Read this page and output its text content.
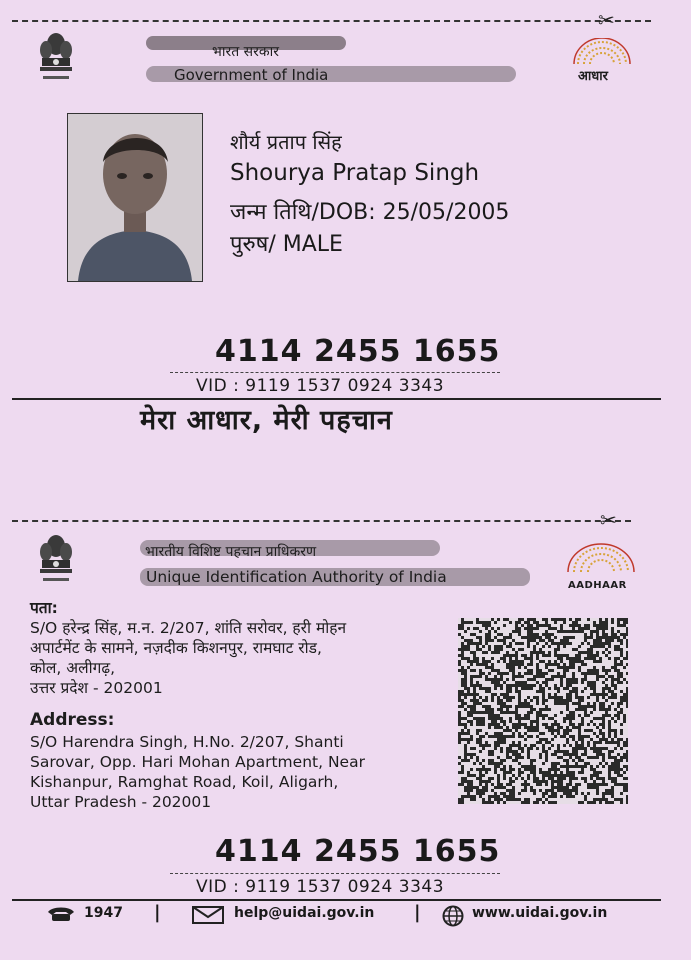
✂
भारत सरकार
Government of India	आधार
शौर्य प्रताप सिंह
Shourya Pratap Singh
जन्म तिथि/DOB: 25/05/2005
पुरुष/ MALE
4114 2455 1655
VID : 9119 1537 0924 3343
मेरा आधार, मेरी पहचान
✂
भारतीय विशिष्ट पहचान प्राधिकरण
Unique Identification Authority of India	AADHAAR
पता:
S/O हरेन्द्र सिंह, म.न. 2/207, शांति सरोवर, हरी मोहन
अपार्टमेंट के सामने, नज़दीक किशनपुर, रामघाट रोड,
कोल, अलीगढ़,
उत्तर प्रदेश - 202001
Address:
S/O Harendra Singh, H.No. 2/207, Shanti
Sarovar, Opp. Hari Mohan Apartment, Near
Kishanpur, Ramghat Road, Koil, Aligarh,
Uttar Pradesh - 202001
4114 2455 1655
VID : 9119 1537 0924 3343
1947 |	help@uidai.gov.in |	www.uidai.gov.in
